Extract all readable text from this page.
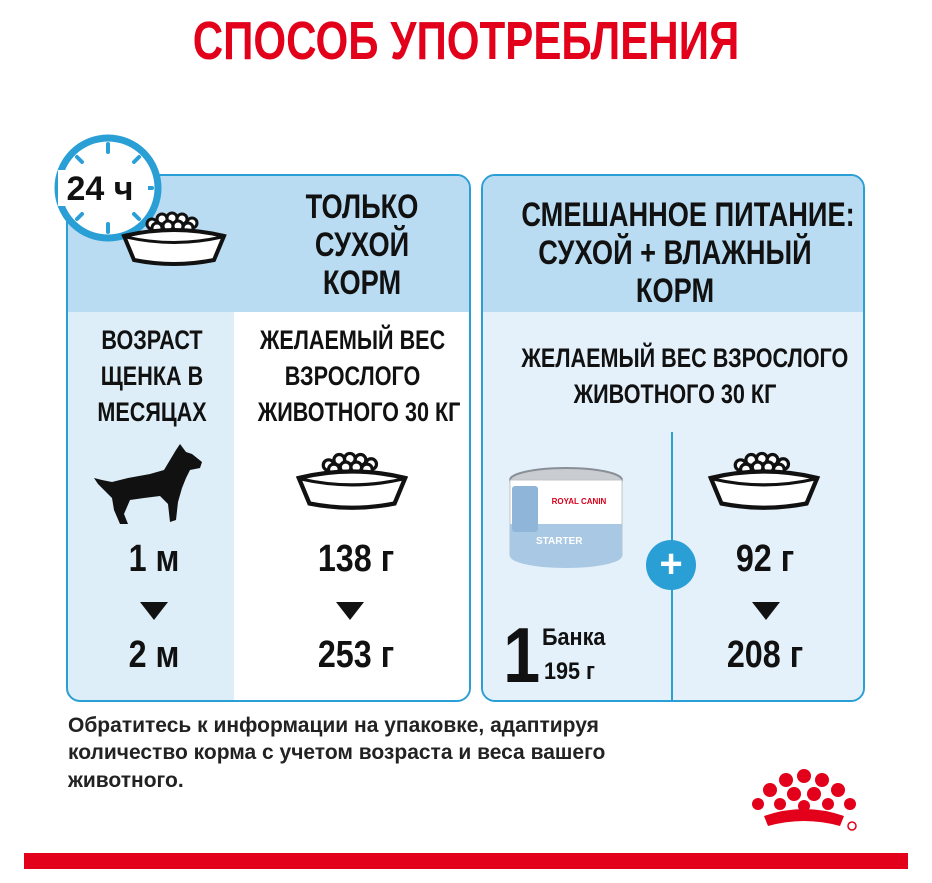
СПОСОБ УПОТРЕБЛЕНИЯ
ТОЛЬКО
СУХОЙ
КОРМ
ВОЗРАСТ
ЩЕНКА В
МЕСЯЦАХ
ЖЕЛАЕМЫЙ ВЕС
ВЗРОСЛОГО
ЖИВОТНОГО 30 КГ
СМЕШАННОЕ ПИТАНИЕ:
СУХОЙ + ВЛАЖНЫЙ
КОРМ
ЖЕЛАЕМЫЙ ВЕС ВЗРОСЛОГО
ЖИВОТНОГО 30 КГ
24 ч
ROYAL CANIN
STARTER
1 м
2 м
138 г
253 г
+
1 Банка
195 г
92 г
208 г
Обратитесь к информации на упаковке, адаптируя
количество корма с учетом возраста и веса вашего
животного.
